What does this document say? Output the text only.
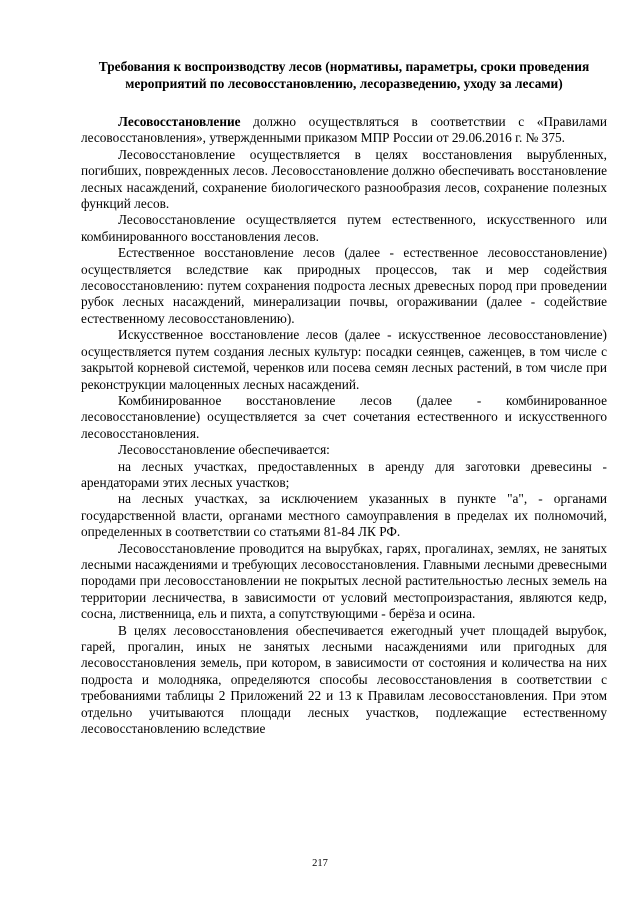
Требования к воспроизводству лесов (нормативы, параметры, сроки проведения мероприятий по лесовосстановлению, лесоразведению, уходу за лесами)

Лесовосстановление должно осуществляться в соответствии с «Правилами лесовосстановления», утвержденными приказом МПР России от 29.06.2016 г. № 375.

Лесовосстановление осуществляется в целях восстановления вырубленных, погибших, поврежденных лесов. Лесовосстановление должно обеспечивать восстановление лесных насаждений, сохранение биологического разнообразия лесов, сохранение полезных функций лесов.

Лесовосстановление осуществляется путем естественного, искусственного или комбинированного восстановления лесов.

Естественное восстановление лесов (далее - естественное лесовосстановление) осуществляется вследствие как природных процессов, так и мер содействия лесовосстановлению: путем сохранения подроста лесных древесных пород при проведении рубок лесных насаждений, минерализации почвы, огораживании (далее - содействие естественному лесовосстановлению).

Искусственное восстановление лесов (далее - искусственное лесовосстановление) осуществляется путем создания лесных культур: посадки сеянцев, саженцев, в том числе с закрытой корневой системой, черенков или посева семян лесных растений, в том числе при реконструкции малоценных лесных насаждений.

Комбинированное восстановление лесов (далее - комбинированное лесовосстановление) осуществляется за счет сочетания естественного и искусственного лесовосстановления.

Лесовосстановление обеспечивается:

на лесных участках, предоставленных в аренду для заготовки древесины - арендаторами этих лесных участков;

на лесных участках, за исключением указанных в пункте "а", - органами государственной власти, органами местного самоуправления в пределах их полномочий, определенных в соответствии со статьями 81-84 ЛК РФ.

Лесовосстановление проводится на вырубках, гарях, прогалинах, землях, не занятых лесными насаждениями и требующих лесовосстановления. Главными лесными древесными породами при лесовосстановлении не покрытых лесной растительностью лесных земель на территории лесничества, в зависимости от условий местопроизрастания, являются кедр, сосна, лиственница, ель и пихта, а сопутствующими - берёза и осина.

В целях лесовосстановления обеспечивается ежегодный учет площадей вырубок, гарей, прогалин, иных не занятых лесными насаждениями или пригодных для лесовосстановления земель, при котором, в зависимости от состояния и количества на них подроста и молодняка, определяются способы лесовосстановления в соответствии с требованиями таблицы 2 Приложений 22 и 13 к Правилам лесовосстановления. При этом отдельно учитываются площади лесных участков, подлежащие естественному лесовосстановлению вследствие

217
